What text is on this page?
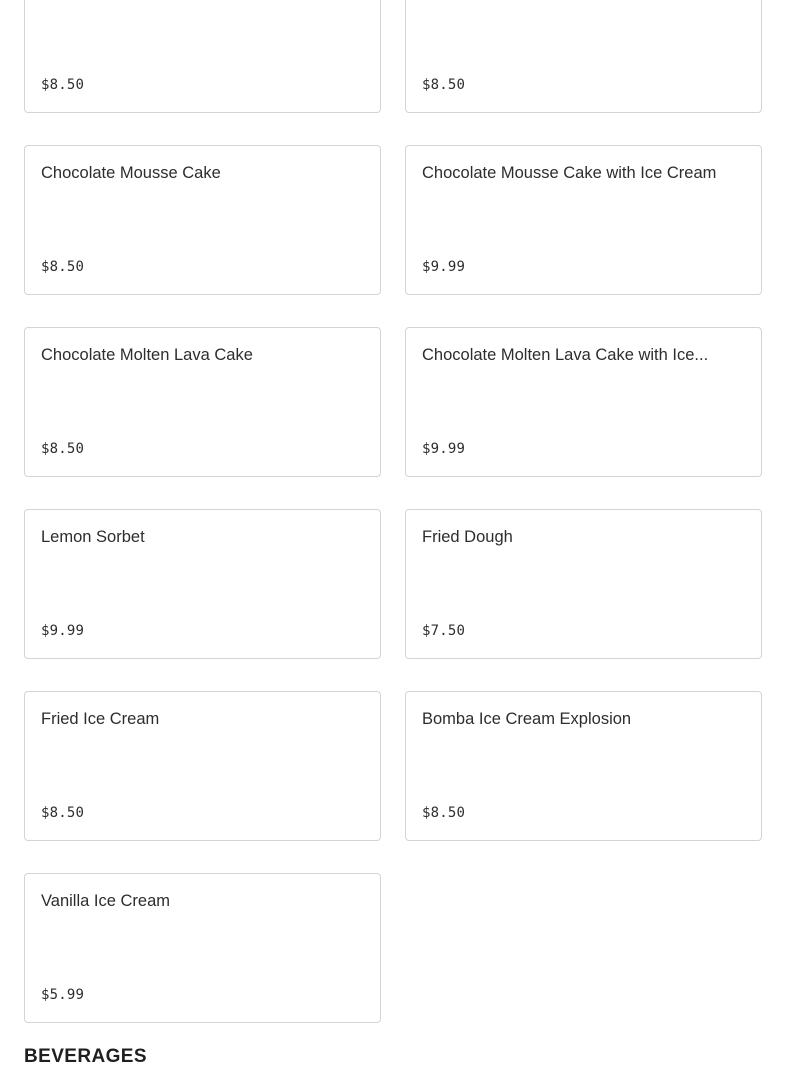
$8.50	$8.50
Chocolate Mousse Cake
$8.50
Chocolate Mousse Cake with Ice Cream
$9.99
Chocolate Molten Lava Cake
$8.50
Chocolate Molten Lava Cake with Ice...
$9.99
Lemon Sorbet
$9.99
Fried Dough
$7.50
Fried Ice Cream
$8.50
Bomba Ice Cream Explosion
$8.50
Vanilla Ice Cream
$5.99
BEVERAGES
